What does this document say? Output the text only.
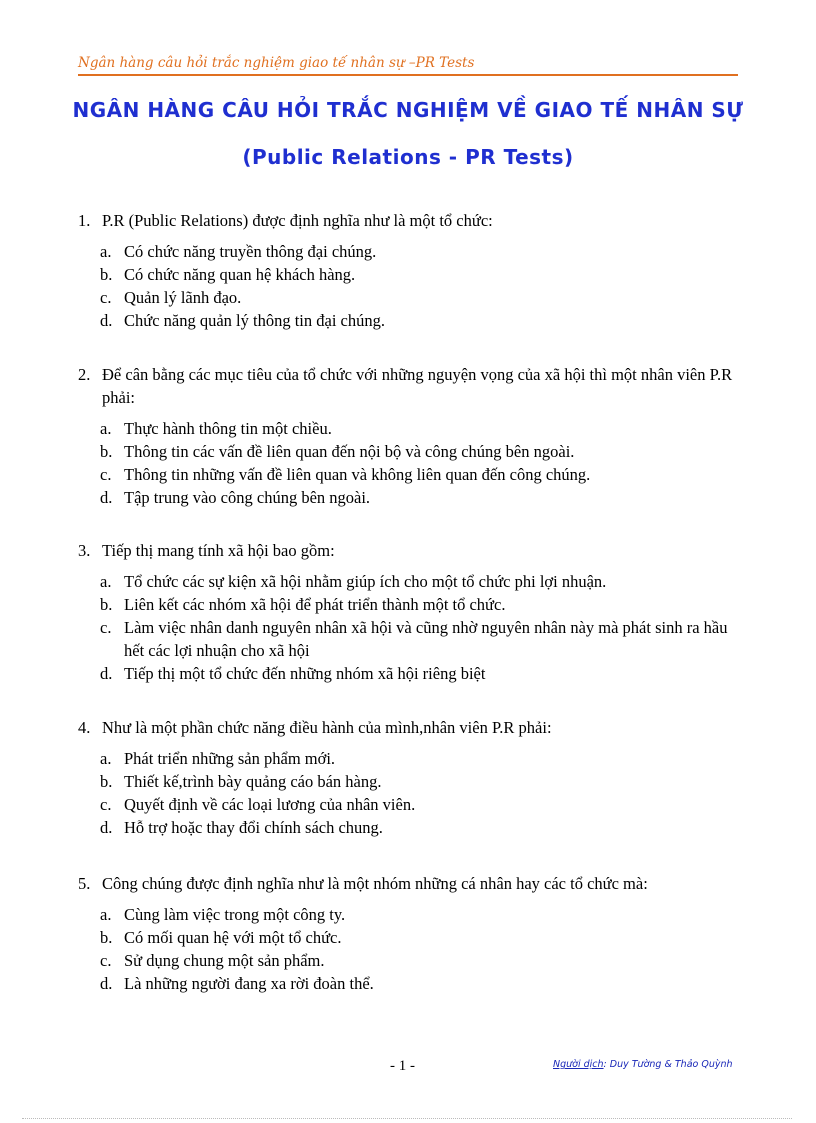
Ngân hàng câu hỏi trắc nghiệm giao tế nhân sự –PR Tests
NGÂN HÀNG CÂU HỎI TRẮC NGHIỆM VỀ GIAO TẾ NHÂN SỰ
(Public Relations - PR Tests)
1. P.R (Public Relations) được định nghĩa như là một tổ chức:
a. Có chức năng truyền thông đại chúng.
b. Có chức năng quan hệ khách hàng.
c. Quản lý lãnh đạo.
d. Chức năng quản lý thông tin đại chúng.
2. Để cân bằng các mục tiêu của tổ chức với những nguyện vọng của xã hội thì một nhân viên P.R phải:
a. Thực hành thông tin một chiều.
b. Thông tin các vấn đề liên quan đến nội bộ và công chúng bên ngoài.
c. Thông tin những vấn đề liên quan và không liên quan đến công chúng.
d. Tập trung vào công chúng bên ngoài.
3. Tiếp thị mang tính xã hội bao gồm:
a. Tổ chức các sự kiện xã hội nhằm giúp ích cho một tổ chức phi lợi nhuận.
b. Liên kết các nhóm xã hội để phát triển thành một tổ chức.
c. Làm việc nhân danh nguyên nhân xã hội và cũng nhờ nguyên nhân này mà phát sinh ra hầu hết các lợi nhuận cho xã hội
d. Tiếp thị một tổ chức đến những nhóm xã hội riêng biệt
4. Như là một phần chức năng điều hành của mình,nhân viên P.R phải:
a. Phát triển những sản phẩm mới.
b. Thiết kế,trình bày quảng cáo bán hàng.
c. Quyết định về các loại lương của nhân viên.
d. Hỗ trợ hoặc thay đổi chính sách chung.
5. Công chúng được định nghĩa như là một nhóm những cá nhân hay các tổ chức mà:
a. Cùng làm việc trong một công ty.
b. Có mối quan hệ với một tổ chức.
c. Sử dụng chung một sản phẩm.
d. Là những người đang xa rời đoàn thể.
- 1 -	Người dịch: Duy Tường & Thảo Quỳnh
